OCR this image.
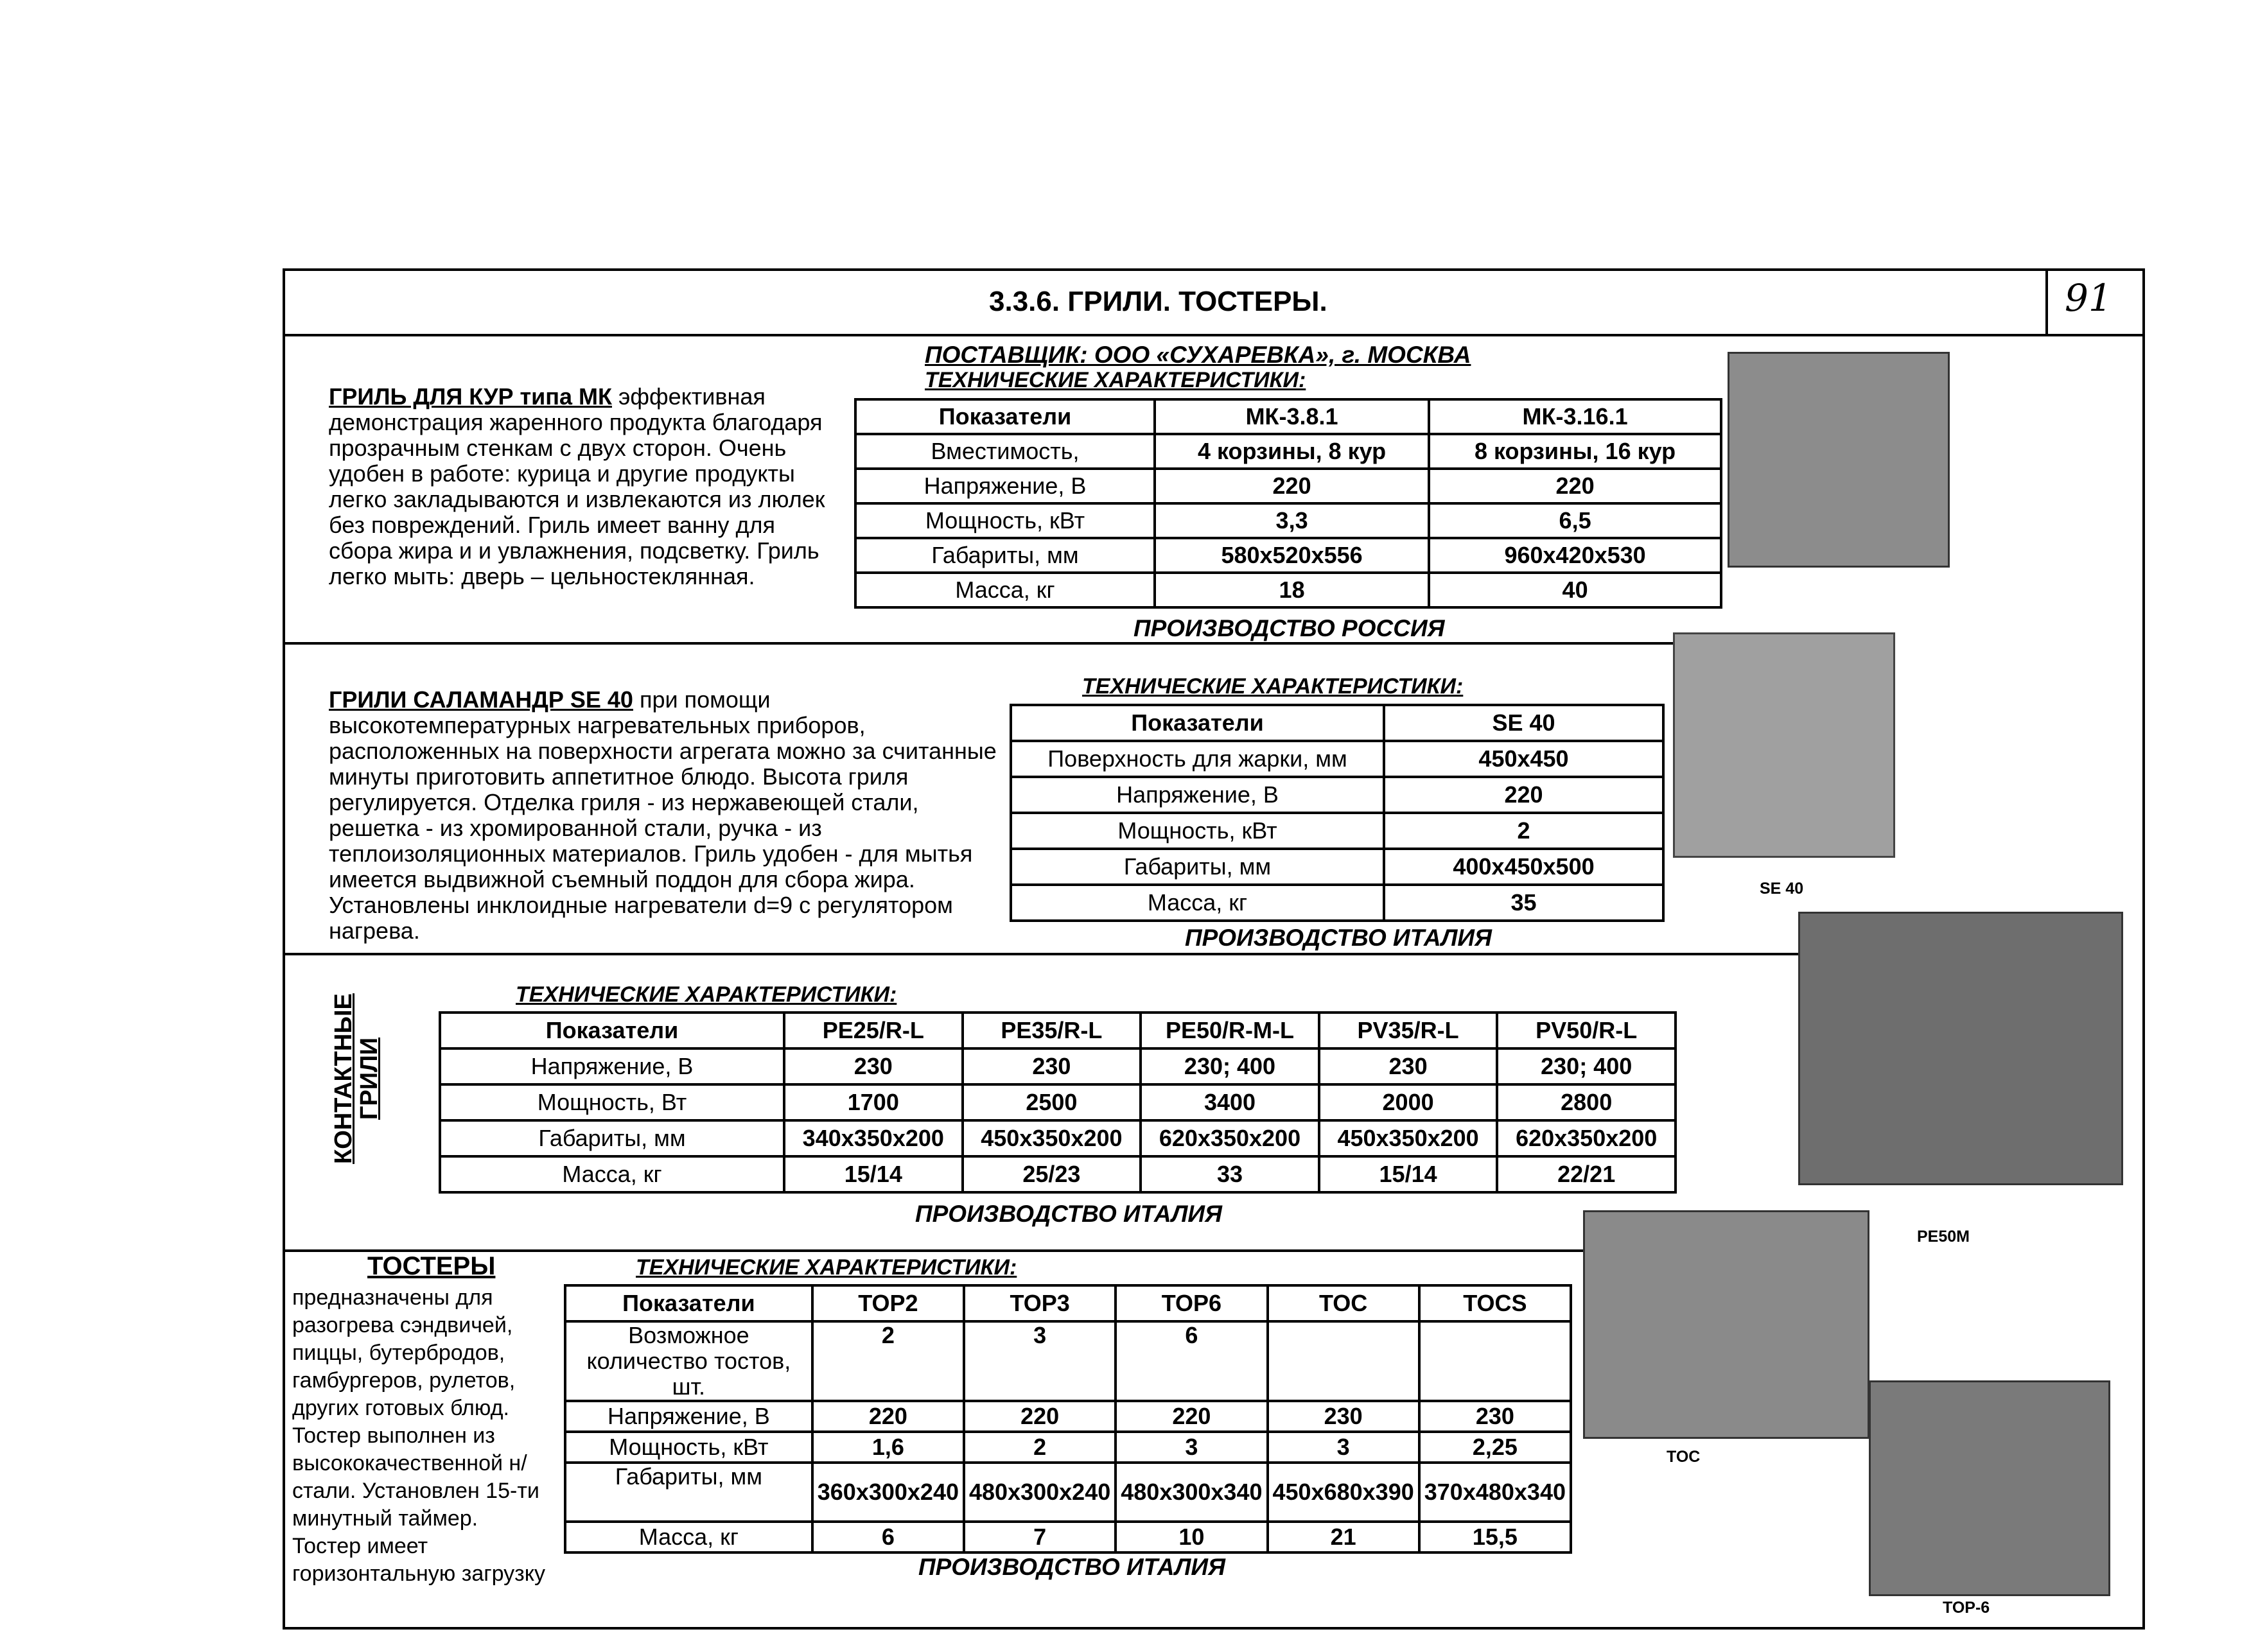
3.3.6. ГРИЛИ. ТОСТЕРЫ.	91
ПОСТАВЩИК: ООО «СУХАРЕВКА», г. МОСКВА
ТЕХНИЧЕСКИЕ ХАРАКТЕРИСТИКИ:
ГРИЛЬ ДЛЯ КУР типа МК эффективная демонстрация жаренного продукта благодаря прозрачным стенкам с двух сторон. Очень удобен в работе: курица и другие продукты легко закладываются и извлекаются из люлек без повреждений. Гриль имеет ванну для сбора жира и и увлажнения, подсветку. Гриль легко мыть: дверь – цельностеклянная.
Показатели	МК-3.8.1	МК-3.16.1
Вместимость,	4 корзины, 8 кур	8 корзины, 16 кур
Напряжение, В	220	220
Мощность, кВт	3,3	6,5
Габариты, мм	580x520x556	960x420x530
Масса, кг	18	40
ПРОИЗВОДСТВО РОССИЯ
ТЕХНИЧЕСКИЕ ХАРАКТЕРИСТИКИ:
ГРИЛИ САЛАМАНДР SE 40 при помощи высокотемпературных нагревательных приборов, расположенных на поверхности агрегата можно за считанные минуты приготовить аппетитное блюдо. Высота гриля регулируется. Отделка гриля - из нержавеющей стали, решетка - из хромированной стали, ручка - из теплоизоляционных материалов. Гриль удобен - для мытья имеется выдвижной съемный поддон для сбора жира. Установлены инклоидные нагреватели d=9 с регулятором нагрева.
Показатели	SE 40
Поверхность для жарки, мм	450x450
Напряжение, В	220
Мощность, кВт	2
Габариты, мм	400x450x500
Масса, кг	35
ПРОИЗВОДСТВО ИТАЛИЯ
SE 40
КОНТАКТНЫЕ
ГРИЛИ
ТЕХНИЧЕСКИЕ ХАРАКТЕРИСТИКИ:
Показатели	PE25/R-L	PE35/R-L	PE50/R-M-L	PV35/R-L	PV50/R-L
Напряжение, В	230	230	230; 400	230	230; 400
Мощность, Вт	1700	2500	3400	2000	2800
Габариты, мм	340x350x200	450x350x200	620x350x200	450x350x200	620x350x200
Масса, кг	15/14	25/23	33	15/14	22/21
ПРОИЗВОДСТВО ИТАЛИЯ
PE50M
ТОСТЕРЫ
предназначены для разогрева сэндвичей, пиццы, бутербродов, гамбургеров, рулетов, других готовых блюд. Тостер выполнен из высококачественной н/стали. Установлен 15-ти минутный таймер. Тостер имеет горизонтальную загрузку
ТЕХНИЧЕСКИЕ ХАРАКТЕРИСТИКИ:
Показатели	TOP2	TOP3	TOP6	TOC	TOCS
Возможное количество тостов, шт.	2	3	6		
Напряжение, В	220	220	220	230	230
Мощность, кВт	1,6	2	3	3	2,25
Габариты, мм	360x300x240	480x300x240	480x300x340	450x680x390	370x480x340
Масса, кг	6	7	10	21	15,5
ПРОИЗВОДСТВО ИТАЛИЯ
TOC
TOP-6
